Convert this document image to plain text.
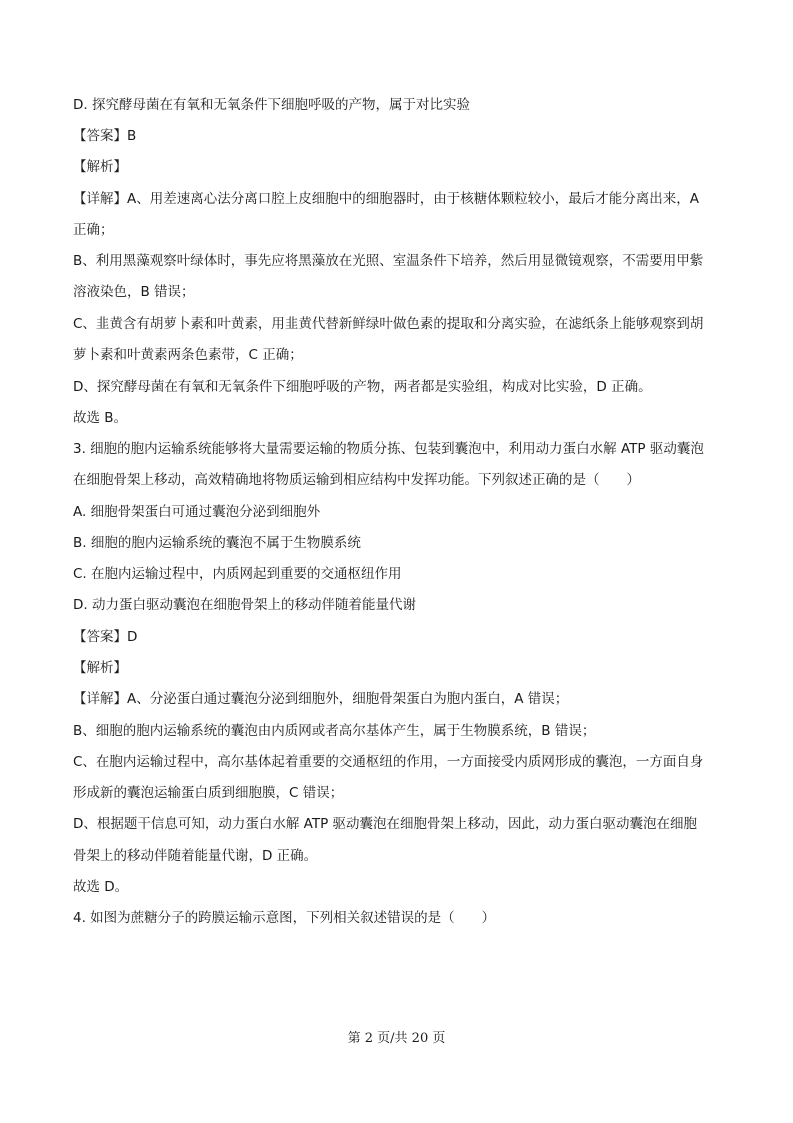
D. 探究酵母菌在有氧和无氧条件下细胞呼吸的产物，属于对比实验
【答案】B
【解析】
【详解】A、用差速离心法分离口腔上皮细胞中的细胞器时，由于核糖体颗粒较小，最后才能分离出来，A
正确；
B、利用黑藻观察叶绿体时，事先应将黑藻放在光照、室温条件下培养，然后用显微镜观察，不需要用甲紫
溶液染色，B 错误；
C、韭黄含有胡萝卜素和叶黄素，用韭黄代替新鲜绿叶做色素的提取和分离实验，在滤纸条上能够观察到胡
萝卜素和叶黄素两条色素带，C 正确；
D、探究酵母菌在有氧和无氧条件下细胞呼吸的产物，两者都是实验组，构成对比实验，D 正确。
故选 B。
3. 细胞的胞内运输系统能够将大量需要运输的物质分拣、包装到囊泡中，利用动力蛋白水解 ATP 驱动囊泡
在细胞骨架上移动，高效精确地将物质运输到相应结构中发挥功能。下列叙述正确的是（　　）
A. 细胞骨架蛋白可通过囊泡分泌到细胞外
B. 细胞的胞内运输系统的囊泡不属于生物膜系统
C. 在胞内运输过程中，内质网起到重要的交通枢纽作用
D. 动力蛋白驱动囊泡在细胞骨架上的移动伴随着能量代谢
【答案】D
【解析】
【详解】A、分泌蛋白通过囊泡分泌到细胞外，细胞骨架蛋白为胞内蛋白，A 错误；
B、细胞的胞内运输系统的囊泡由内质网或者高尔基体产生，属于生物膜系统，B 错误；
C、在胞内运输过程中，高尔基体起着重要的交通枢纽的作用，一方面接受内质网形成的囊泡，一方面自身
形成新的囊泡运输蛋白质到细胞膜，C 错误；
D、根据题干信息可知，动力蛋白水解 ATP 驱动囊泡在细胞骨架上移动，因此，动力蛋白驱动囊泡在细胞
骨架上的移动伴随着能量代谢，D 正确。
故选 D。
4. 如图为蔗糖分子的跨膜运输示意图，下列相关叙述错误的是（　　）
第 2 页/共 20 页
